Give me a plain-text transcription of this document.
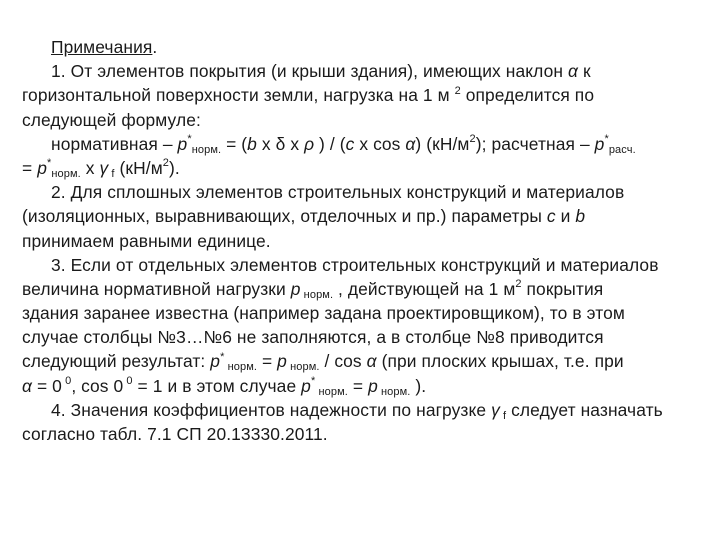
Примечания.
1. От элементов покрытия (и крыши здания), имеющих наклон α к
горизонтальной поверхности земли, нагрузка на 1 м $^2$ определится по
следующей формуле:
нормативная – $р^*_{норм.} = (b$ x δ x ρ ) / (c x cos α) $(кН/м^2)$; расчетная – $р^*_{расч.}$
= $р^*_{норм.}$ х γ $_f$ $(кН/м^2)$.
2. Для сплошных элементов строительных конструкций и материалов
(изоляционных, выравнивающих, отделочных и пр.) параметры c и b
принимаем равными единице.
3. Если от отдельных элементов строительных конструкций и материалов
величина нормативной нагрузки р $_{норм.}$ , действующей на 1 $м^2$ покрытия
здания заранее известна (например задана проектировщиком), то в этом
случае столбцы №3…№6 не заполняются, а в столбце №8 приводится
следующий результат: р* $_{норм.}$ = р $_{норм.}$ / cos α (при плоских крышах, т.е. при
α = 0 $^0$, cos 0 $^0$ = 1 и в этом случае р* $_{норм.}$ = р $_{норм.}$ ).
4. Значения коэффициентов надежности по нагрузке γ $_f$ следует назначать
согласно табл. 7.1 СП 20.13330.2011.
